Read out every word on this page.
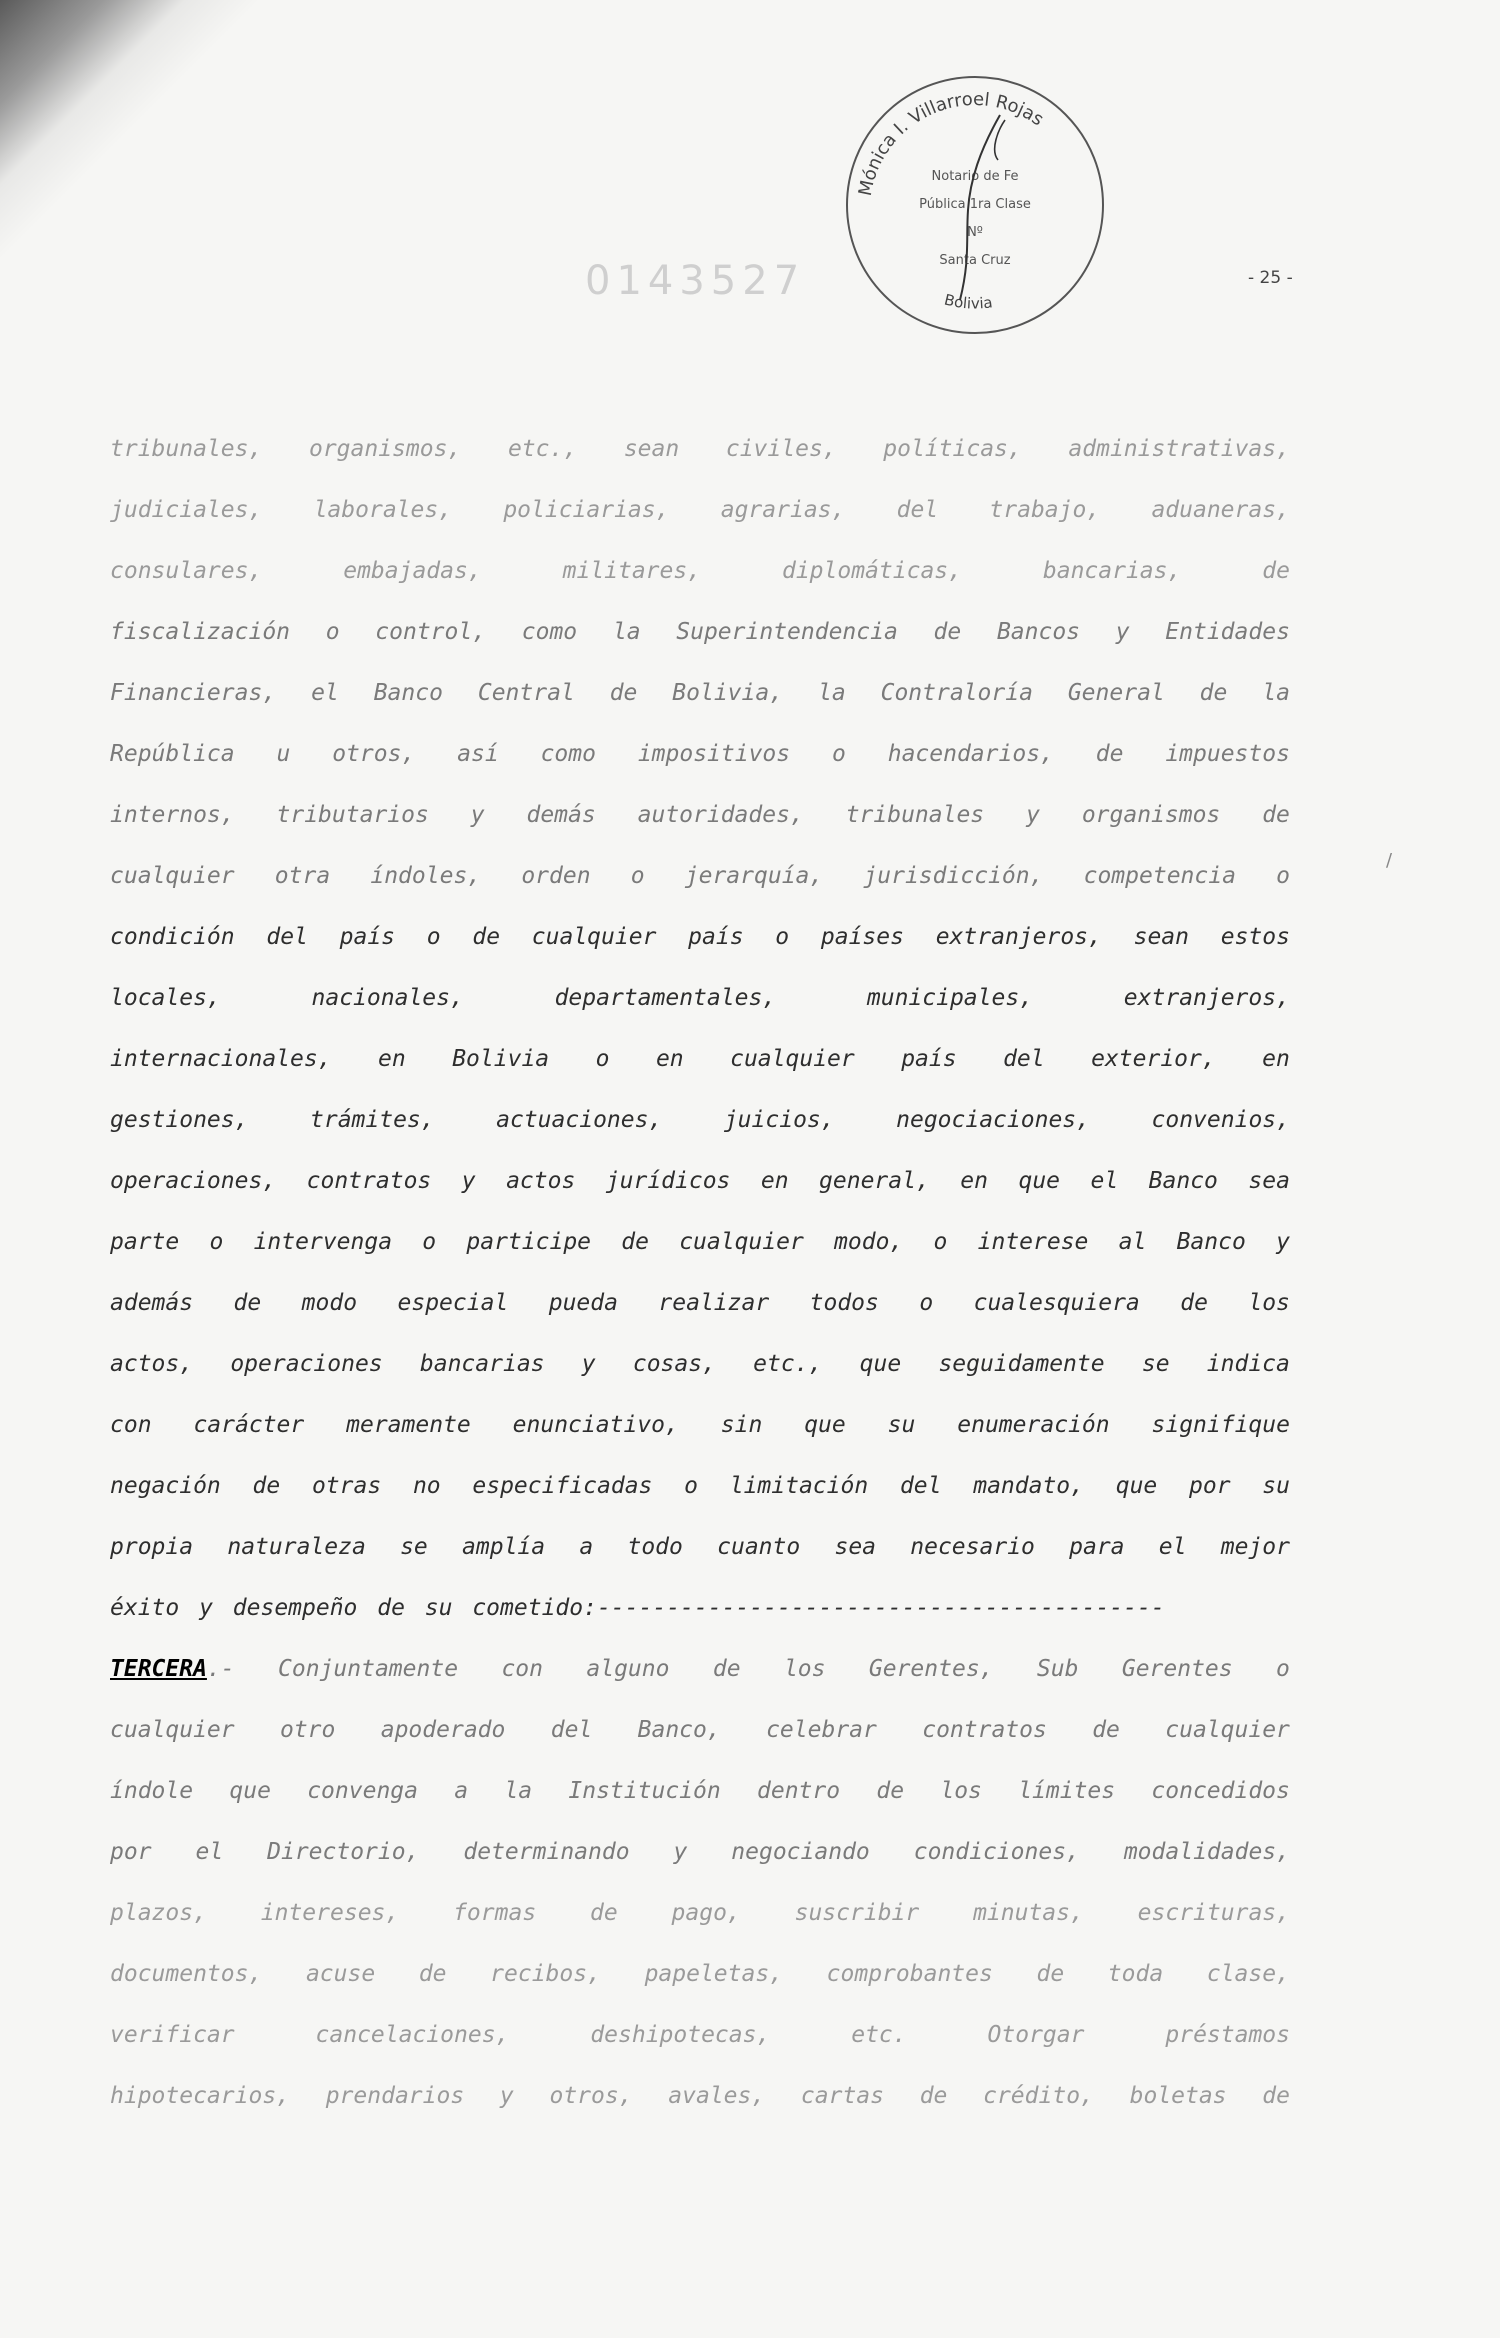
Mónica I. Villarroel Rojas
Notario de Fe
Pública 1ra Clase
Nº
Santa Cruz
Bolivia
0143527	- 25 -
/
tribunales, organismos, etc., sean civiles, políticas, administrativas,
judiciales, laborales, policiarias, agrarias, del trabajo, aduaneras,
consulares,	embajadas,	militares,	diplomáticas,	bancarias,	de
fiscalización o control, como la Superintendencia de Bancos y Entidades
Financieras, el Banco Central de Bolivia, la Contraloría General de la
República u otros, así como impositivos o hacendarios, de impuestos
internos, tributarios y demás autoridades, tribunales y organismos de
cualquier otra índoles, orden o jerarquía, jurisdicción, competencia o
condición del país o de cualquier país o países extranjeros, sean estos
locales,	nacionales,	departamentales,	municipales,	extranjeros,
internacionales, en Bolivia o en cualquier país del exterior, en
gestiones,	trámites,	actuaciones,	juicios,	negociaciones,	convenios,
operaciones, contratos y actos jurídicos en general, en que el Banco sea
parte o intervenga o participe de cualquier modo, o interese al Banco y
además de modo especial pueda realizar todos o cualesquiera de los
actos, operaciones bancarias y cosas, etc., que seguidamente se indica
con carácter meramente enunciativo, sin que su enumeración signifique
negación de otras no especificadas o limitación del mandato, que por su
propia naturaleza se amplía a todo cuanto sea necesario para el mejor
éxito y desempeño de su cometido:-----------------------------------------
TERCERA.- Conjuntamente con alguno de los Gerentes, Sub Gerentes o
cualquier otro apoderado del Banco, celebrar contratos de cualquier
índole que convenga a la Institución dentro de los límites concedidos
por el Directorio, determinando y negociando condiciones, modalidades,
plazos, intereses, formas de pago, suscribir minutas, escrituras,
documentos, acuse de recibos, papeletas, comprobantes de toda clase,
verificar	cancelaciones,	deshipotecas,	etc.	Otorgar	préstamos
hipotecarios, prendarios y otros, avales, cartas de crédito, boletas de
